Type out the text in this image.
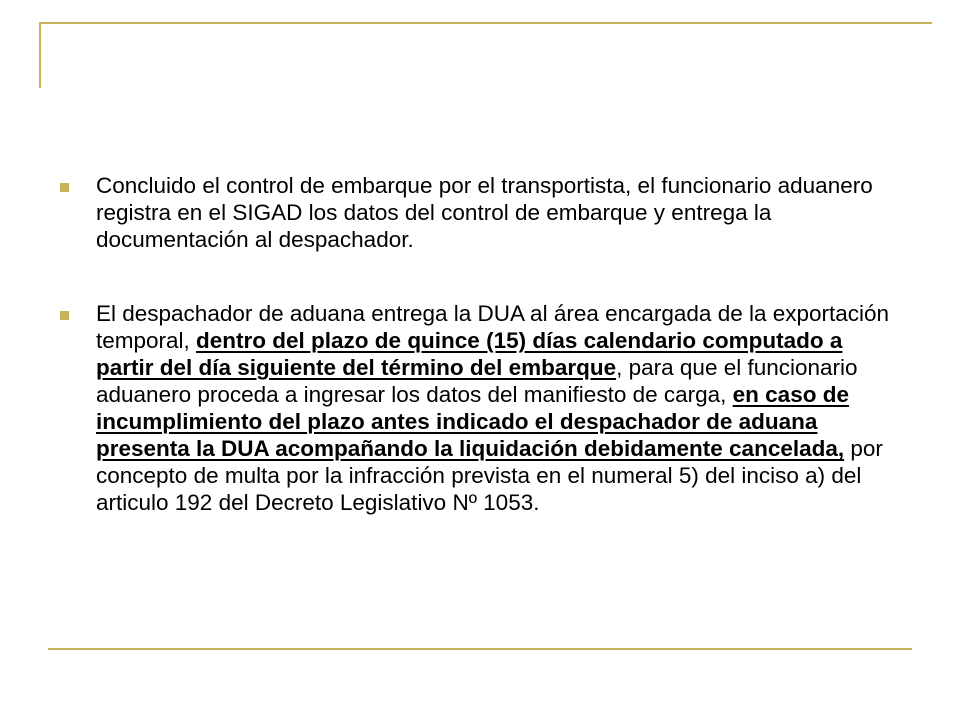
Concluido el control de embarque por el transportista, el funcionario aduanero registra en el SIGAD los datos del control de embarque y entrega la documentación al despachador.
El despachador de aduana entrega la DUA al área encargada de la exportación temporal, dentro del plazo de quince (15) días calendario computado a partir del día siguiente del término del embarque, para que el funcionario aduanero proceda a ingresar los datos del manifiesto de carga, en caso de incumplimiento del plazo antes indicado el despachador de aduana presenta la DUA acompañando la liquidación debidamente cancelada, por concepto de multa por la infracción prevista en el numeral 5) del inciso a) del articulo 192 del Decreto Legislativo Nº 1053.
